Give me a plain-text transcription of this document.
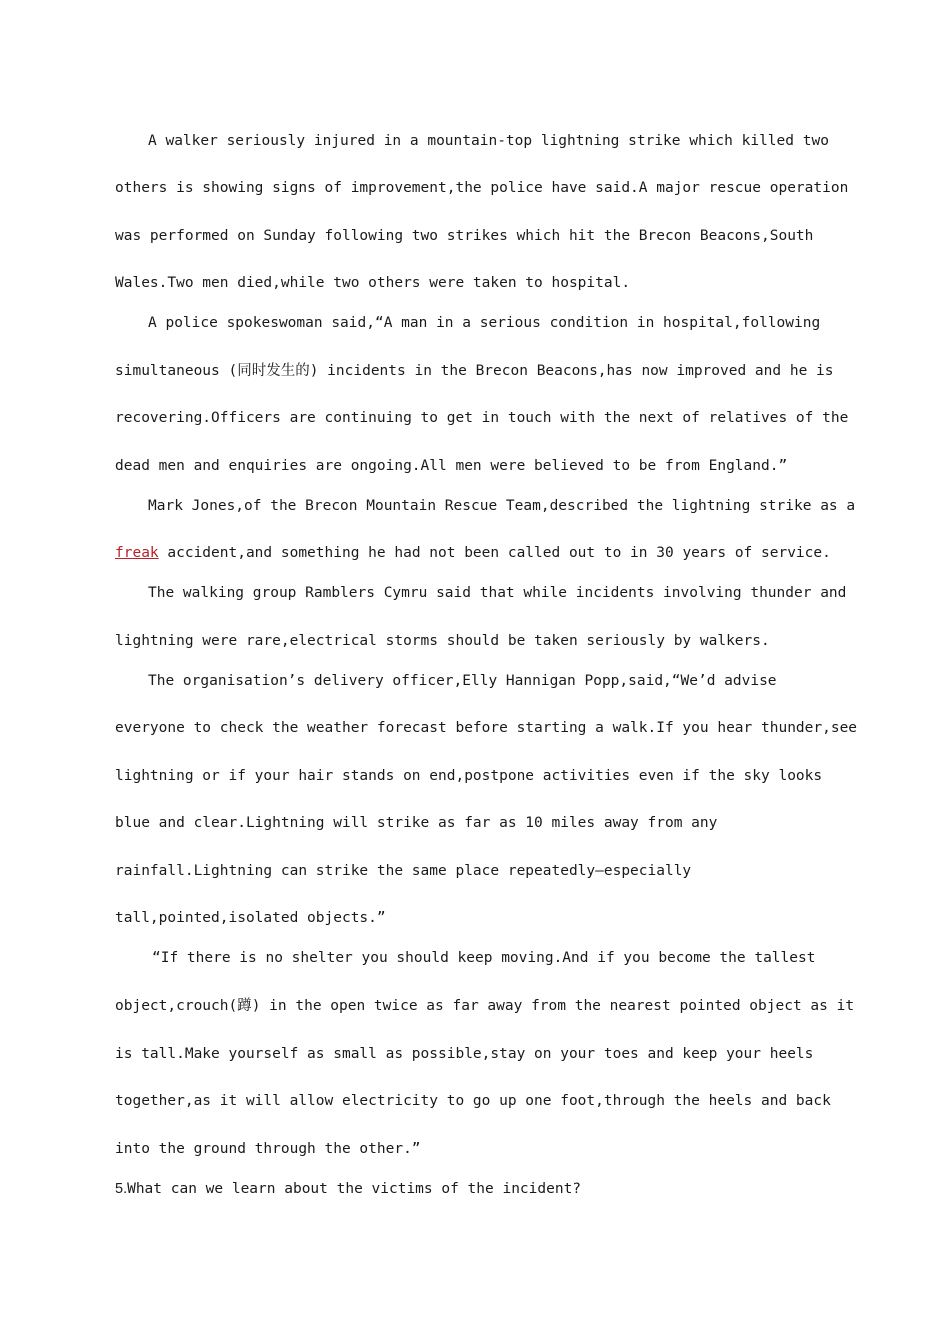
A walker seriously injured in a mountain-top lightning strike which killed two
others is showing signs of improvement,the police have said.A major rescue operation
was performed on Sunday following two strikes which hit the Brecon Beacons,South
Wales.Two men died,while two others were taken to hospital.
A police spokeswoman said,“A man in a serious condition in hospital,following
simultaneous (同时发生的) incidents in the Brecon Beacons,has now improved and he is
recovering.Officers are continuing to get in touch with the next of relatives of the
dead men and enquiries are ongoing.All men were believed to be from England.”
Mark Jones,of the Brecon Mountain Rescue Team,described the lightning strike as a
freak accident,and something he had not been called out to in 30 years of service.
The walking group Ramblers Cymru said that while incidents involving thunder and
lightning were rare,electrical storms should be taken seriously by walkers.
The organisation’s delivery officer,Elly Hannigan Popp,said,“We’d advise
everyone to check the weather forecast before starting a walk.If you hear thunder,see
lightning or if your hair stands on end,postpone activities even if the sky looks
blue and clear.Lightning will strike as far as 10 miles away from any
rainfall.Lightning can strike the same place repeatedly—especially
tall,pointed,isolated objects.”
“If there is no shelter you should keep moving.And if you become the tallest
object,crouch(蹲) in the open twice as far away from the nearest pointed object as it
is tall.Make yourself as small as possible,stay on your toes and keep your heels
together,as it will allow electricity to go up one foot,through the heels and back
into the ground through the other.”
5.What can we learn about the victims of the incident?
